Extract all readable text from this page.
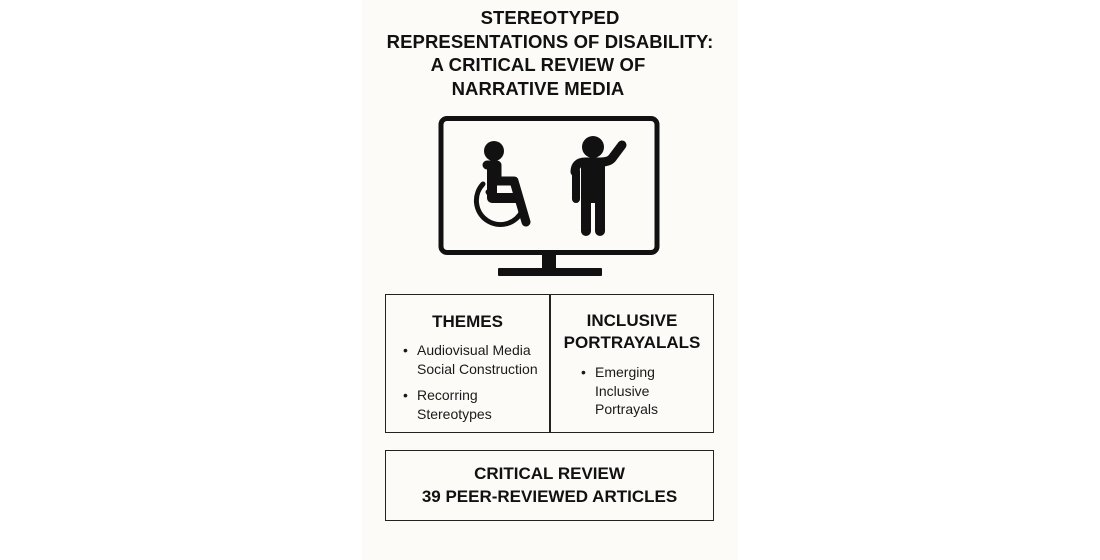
STEREOTYPED
REPRESENTATIONS OF DISABILITY:
A CRITICAL REVIEW OF
NARRATIVE MEDIA
THEMES
• Audiovisual Media Social Construction
• Recorring Stereotypes
INCLUSIVE
PORTRAYALALS
• Emerging Inclusive Portrayals
CRITICAL REVIEW
39 PEER-REVIEWED ARTICLES
